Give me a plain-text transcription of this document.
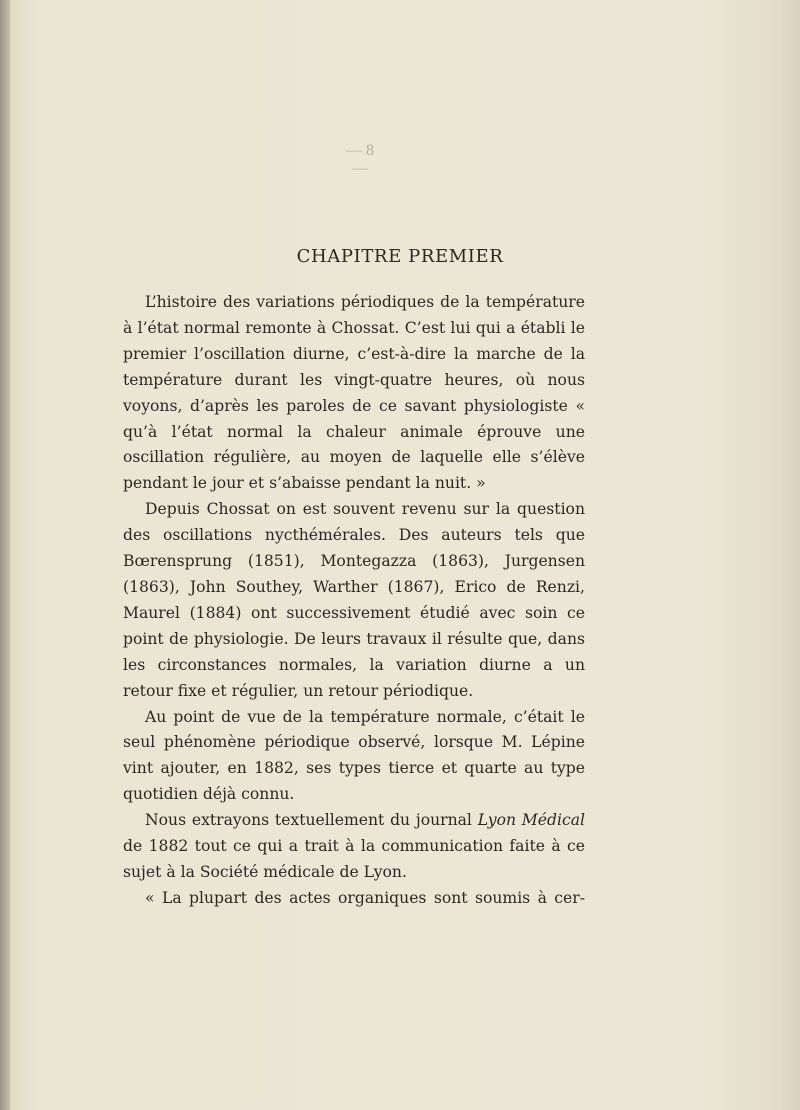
— 8 —
CHAPITRE PREMIER

L’histoire des variations périodiques de la température à l’état normal remonte à Chossat. C’est lui qui a établi le premier l’oscillation diurne, c’est-à-dire la marche de la température durant les vingt-quatre heures, où nous voyons, d’après les paroles de ce savant physiologiste « qu’à l’état normal la chaleur animale éprouve une oscillation régulière, au moyen de laquelle elle s’élève pendant le jour et s’abaisse pendant la nuit. »

Depuis Chossat on est souvent revenu sur la question des oscillations nycthémérales. Des auteurs tels que Bœrensprung (1851), Montegazza (1863), Jurgensen (1863), John Southey, Warther (1867), Erico de Renzi, Maurel (1884) ont successivement étudié avec soin ce point de physiologie. De leurs travaux il résulte que, dans les circonstances normales, la variation diurne a un retour fixe et régulier, un retour périodique.

Au point de vue de la température normale, c’était le seul phénomène périodique observé, lorsque M. Lépine vint ajouter, en 1882, ses types tierce et quarte au type quotidien déjà connu.

Nous extrayons textuellement du journal Lyon Médical de 1882 tout ce qui a trait à la communication faite à ce sujet à la Société médicale de Lyon.

« La plupart des actes organiques sont soumis à cer-
